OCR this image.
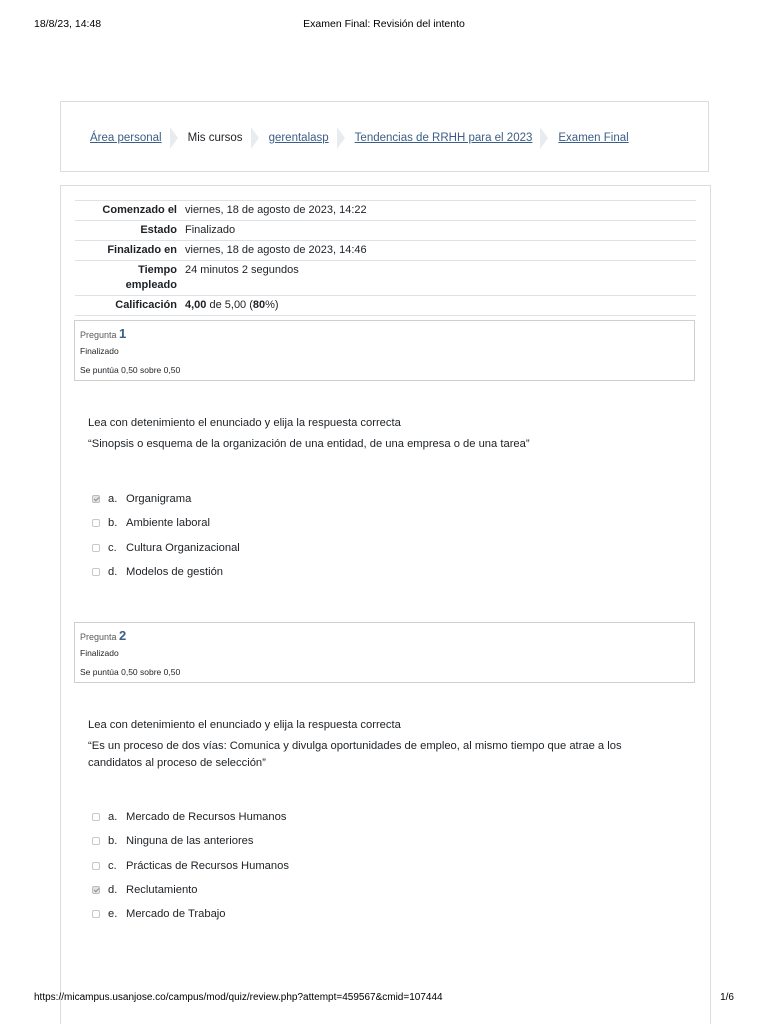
18/8/23, 14:48	Examen Final: Revisión del intento
Área personal Mis cursos gerentalasp Tendencias de RRHH para el 2023 Examen Final
Comenzado el	viernes, 18 de agosto de 2023, 14:22
Estado	Finalizado
Finalizado en	viernes, 18 de agosto de 2023, 14:46
Tiempo
empleado	24 minutos 2 segundos
Calificación	4,00 de 5,00 (80%)
Pregunta 1
Finalizado
Se puntúa 0,50 sobre 0,50
Lea con detenimiento el enunciado y elija la respuesta correcta
“Sinopsis o esquema de la organización de una entidad, de una empresa o de una tarea”
a. Organigrama
b. Ambiente laboral
c. Cultura Organizacional
d. Modelos de gestión
Pregunta 2
Finalizado
Se puntúa 0,50 sobre 0,50
Lea con detenimiento el enunciado y elija la respuesta correcta
“Es un proceso de dos vías: Comunica y divulga oportunidades de empleo, al mismo tiempo que atrae a los candidatos al proceso de selección”
a. Mercado de Recursos Humanos
b. Ninguna de las anteriores
c. Prácticas de Recursos Humanos
d. Reclutamiento
e. Mercado de Trabajo
https://micampus.usanjose.co/campus/mod/quiz/review.php?attempt=459567&cmid=107444	1/6
